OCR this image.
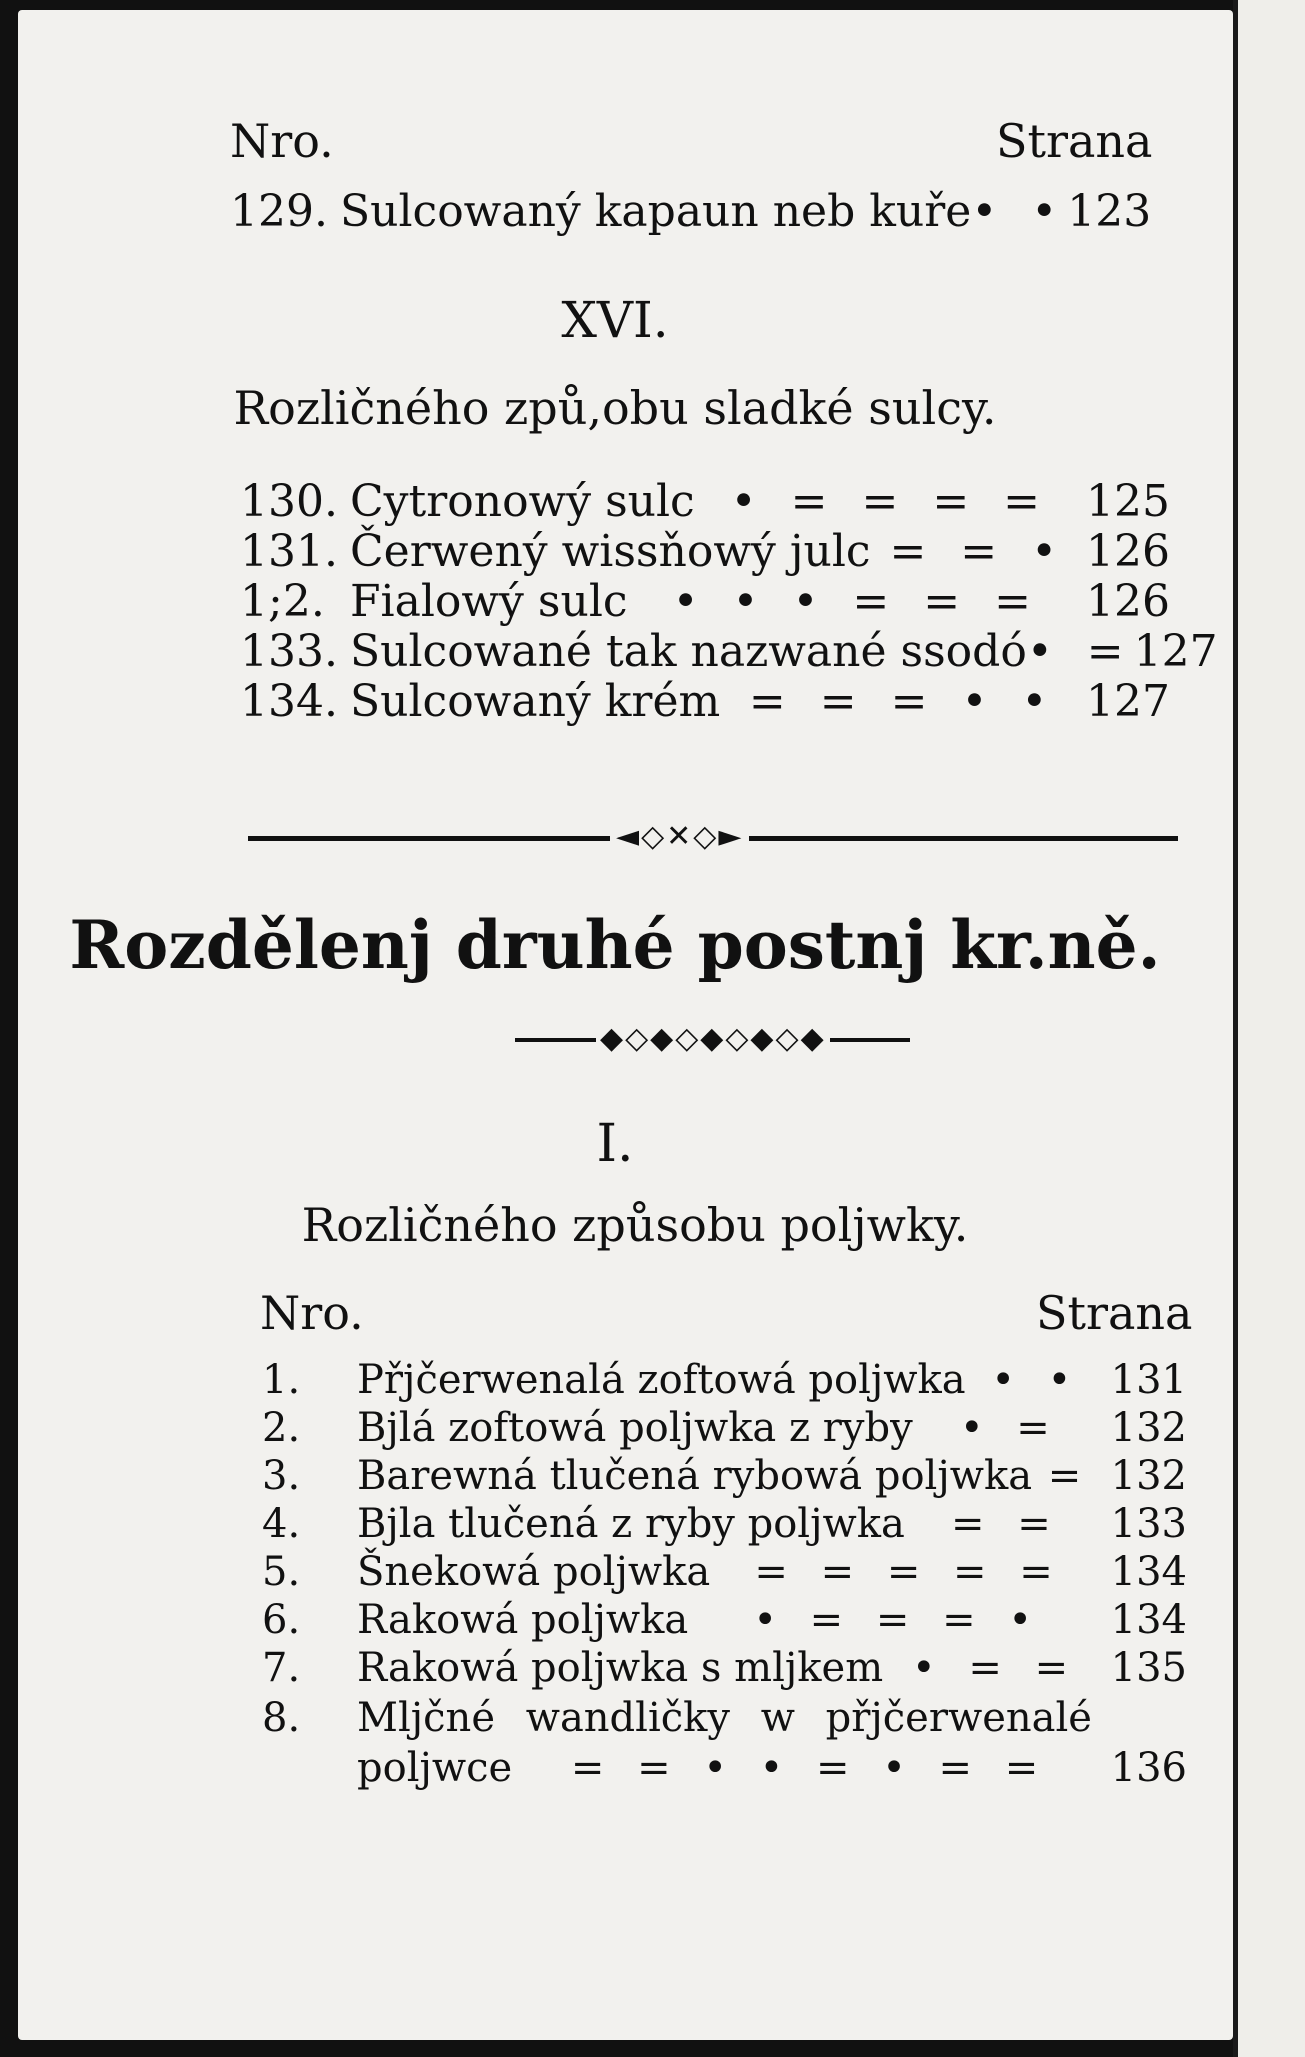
Nro.	Strana
129. Sulcowaný kapaun neb kuře • • 123
XVI.
Rozličného způ,obu sladké sulcy.
130. Cytronowý sulc • = = = = 125
131. Čerwený wissňowý julc = = • 126
1;2. Fialowý sulc	• • • = = =	126
133. Sulcowané tak nazwané ssodó • = 127
134. Sulcowaný krém = = = • • 127
◄◇✕◇►
Rozdělenj druhé postnj kr.ně.
◆◇◆◇◆◇◆◇◆
I.
Rozličného způsobu poljwky.
Nro.	Strana
1.	Přjčerwenalá zoftowá poljwka • • 131
2.	Bjlá zoftowá poljwka z ryby	• =	132
3.	Barewná tlučená rybowá poljwka = 132
4.	Bjla tlučená z ryby poljwka	= =	133
5.	Šnekowá poljwka	= = = = =	134
6.	Rakowá poljwka	• = = = •	134
7.	Rakowá poljwka s mljkem • = = 135
8.	Mljčné wandličky w přjčerwenalé
poljwce	= = • • = • = =	136
